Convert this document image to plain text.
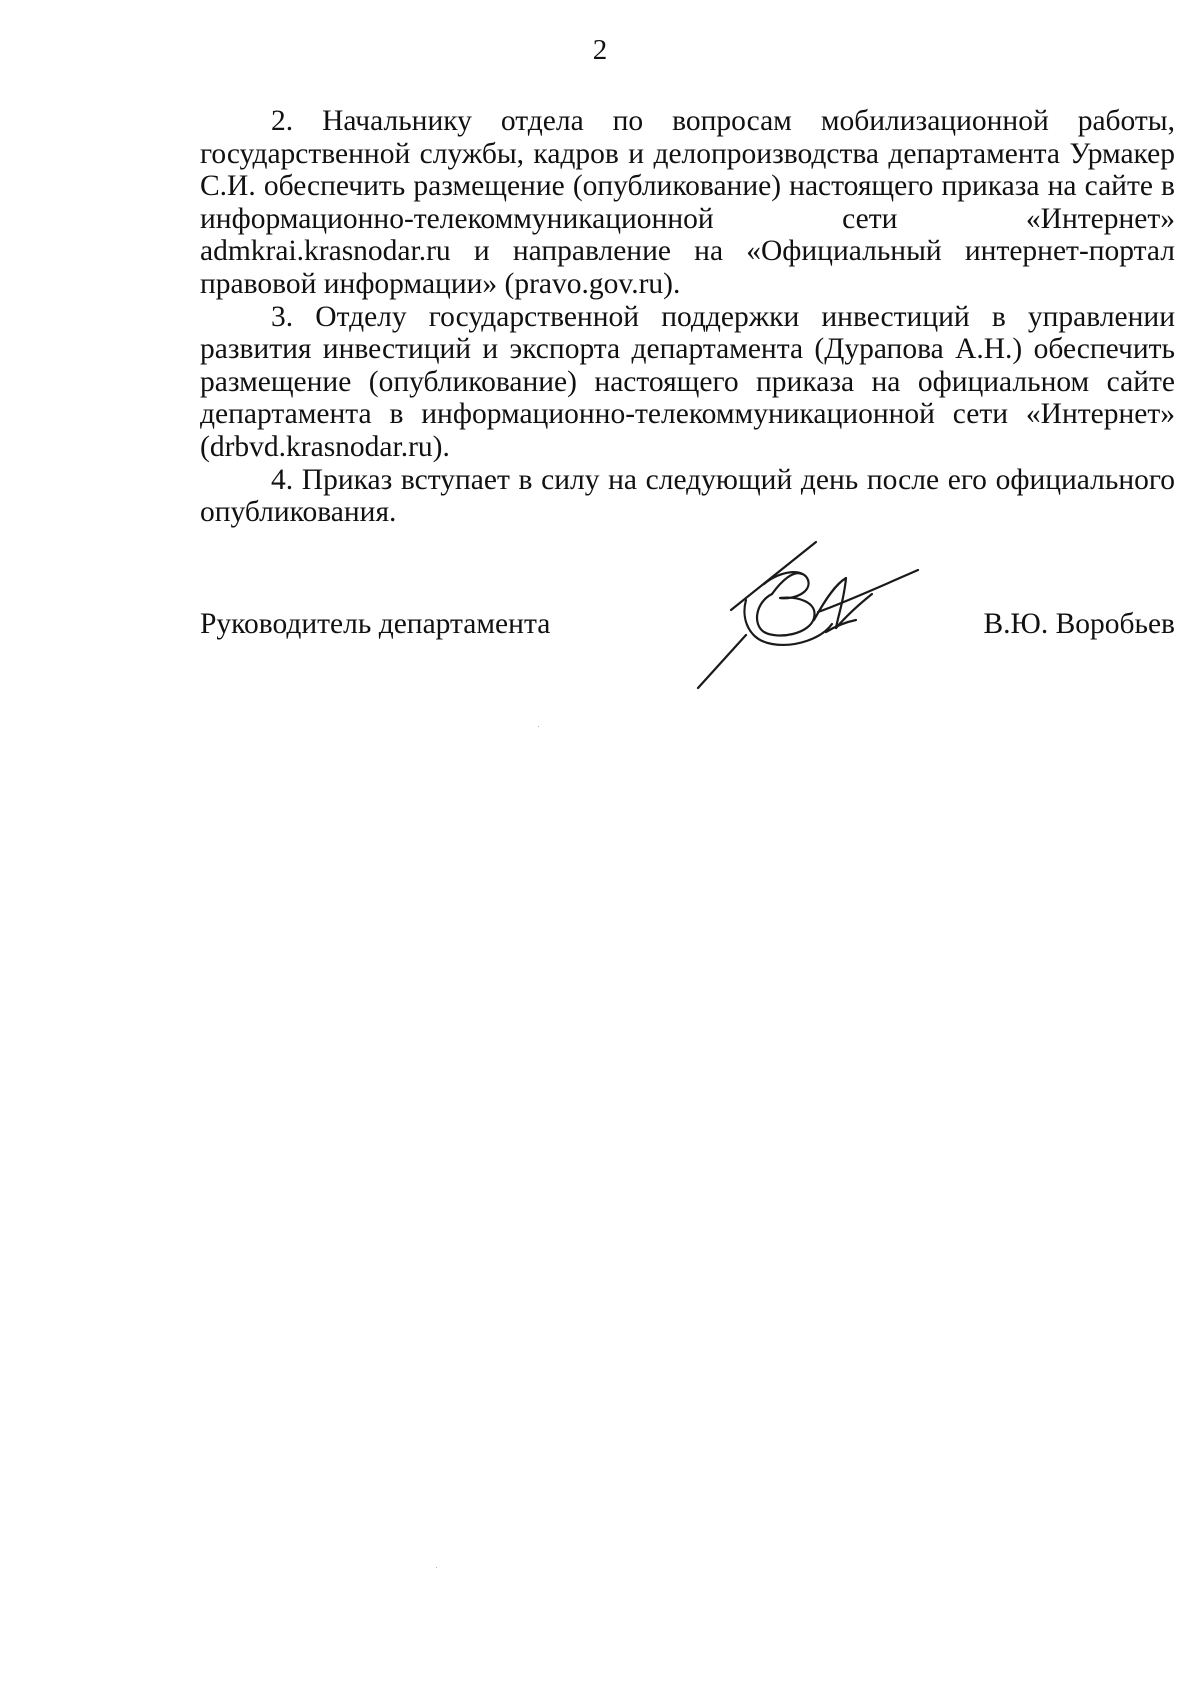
2

2. Начальнику отдела по вопросам мобилизационной работы, государственной службы, кадров и делопроизводства департамента Урмакер С.И. обеспечить размещение (опубликование) настоящего приказа на сайте в информационно-телекоммуникационной сети «Интернет» admkrai.krasnodar.ru и направление на «Официальный интернет-портал правовой информации» (pravo.gov.ru).

3. Отделу государственной поддержки инвестиций в управлении развития инвестиций и экспорта департамента (Дурапова А.Н.) обеспечить размещение (опубликование) настоящего приказа на официальном сайте департамента в информационно-телекоммуникационной сети «Интернет» (drbvd.krasnodar.ru).

4. Приказ вступает в силу на следующий день после его официального опубликования.

Руководитель департамента	В.Ю. Воробьев
